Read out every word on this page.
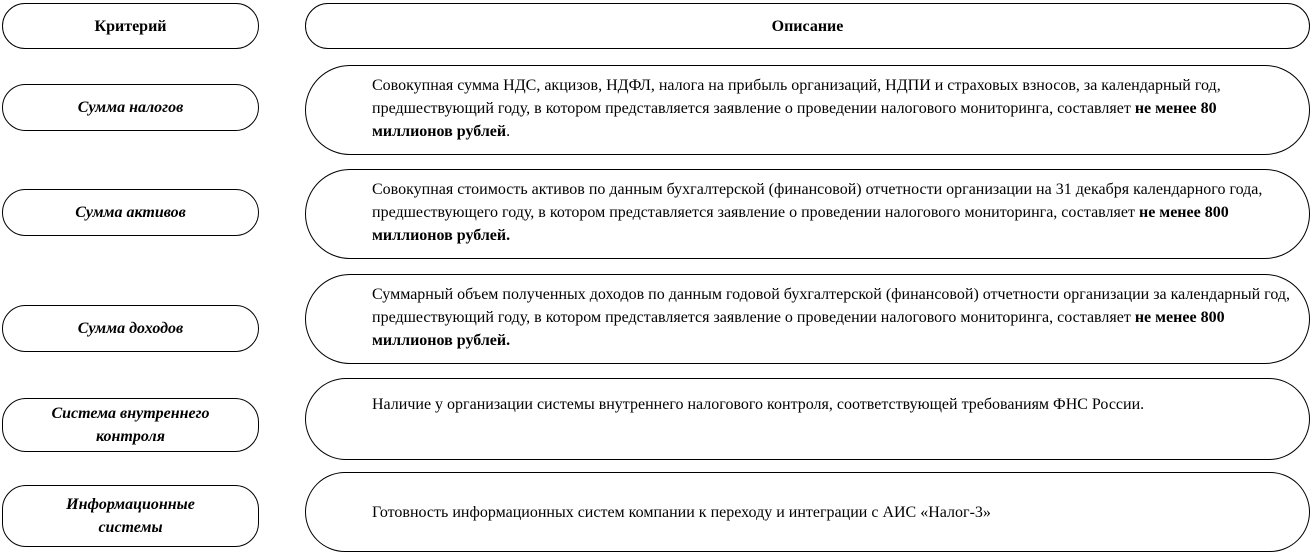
Критерий	Описание
Сумма налогов
Совокупная сумма НДС, акцизов, НДФЛ, налога на прибыль организаций, НДПИ и страховых взносов, за календарный год, предшествующий году, в котором представляется заявление о проведении налогового мониторинга, составляет не менее 80 миллионов рублей.
Сумма активов
Совокупная стоимость активов по данным бухгалтерской (финансовой) отчетности организации на 31 декабря календарного года, предшествующего году, в котором представляется заявление о проведении налогового мониторинга, составляет не менее 800 миллионов рублей.
Сумма доходов
Суммарный объем полученных доходов по данным годовой бухгалтерской (финансовой) отчетности организации за календарный год, предшествующий году, в котором представляется заявление о проведении налогового мониторинга, составляет не менее 800 миллионов рублей.
Система внутреннего контроля
Наличие у организации системы внутреннего налогового контроля, соответствующей требованиям ФНС России.
Информационные системы
Готовность информационных систем компании к переходу и интеграции с АИС «Налог-3»
